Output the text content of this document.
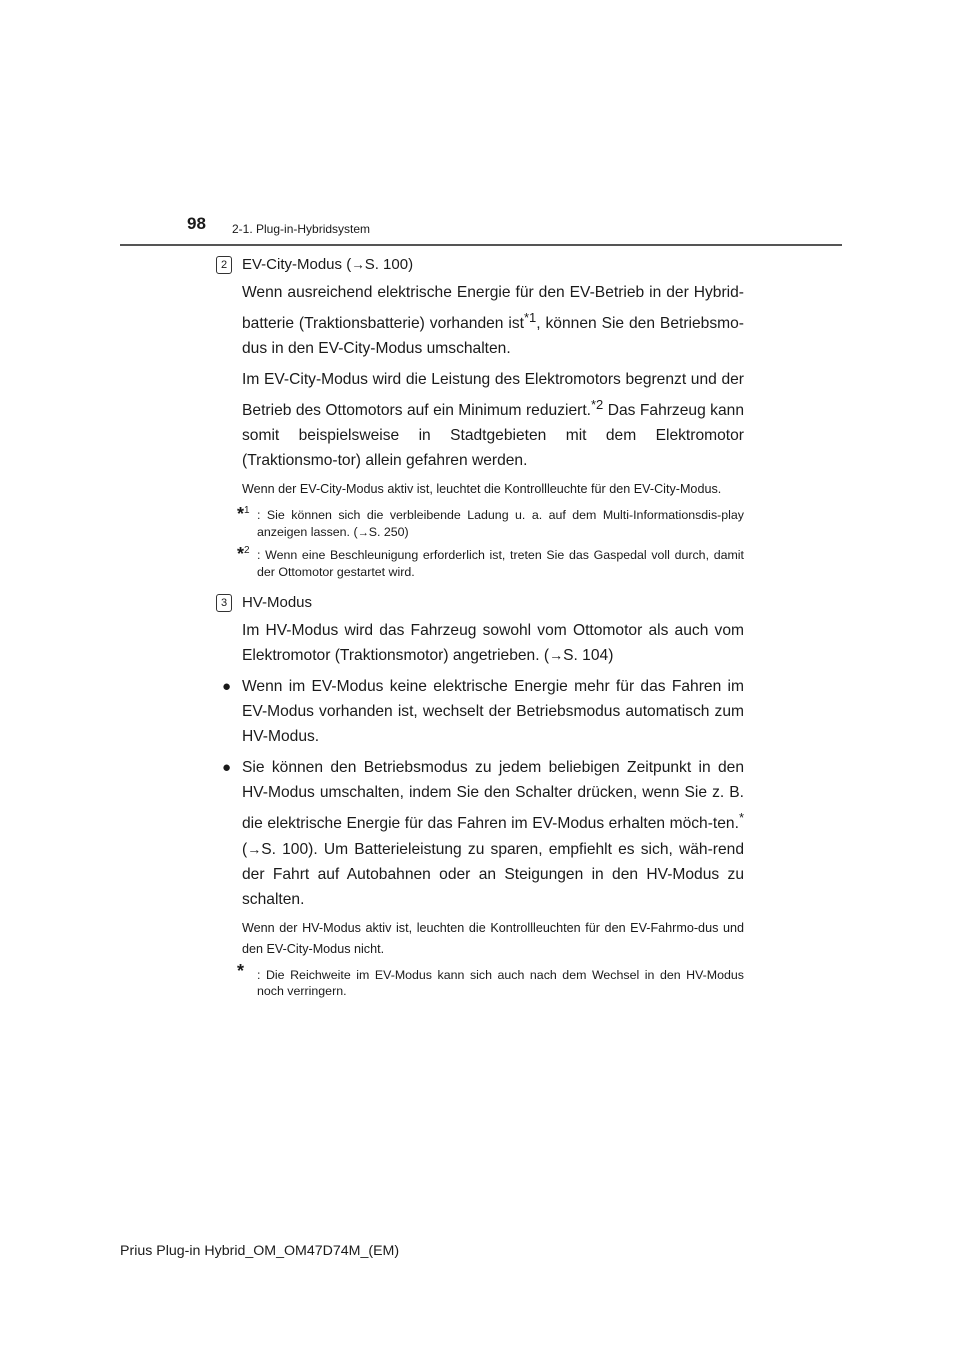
98 2-1. Plug-in-Hybridsystem
2 EV-City-Modus (→S. 100)

Wenn ausreichend elektrische Energie für den EV-Betrieb in der Hybrid-batterie (Traktionsbatterie) vorhanden ist$^{*1}$, können Sie den Betriebsmo-dus in den EV-City-Modus umschalten.

Im EV-City-Modus wird die Leistung des Elektromotors begrenzt und der Betrieb des Ottomotors auf ein Minimum reduziert.$^{*2}$ Das Fahrzeug kann somit beispielsweise in Stadtgebieten mit dem Elektromotor (Traktionsmo-tor) allein gefahren werden.

Wenn der EV-City-Modus aktiv ist, leuchtet die Kontrollleuchte für den EV-City-Modus.

*$^1$ : Sie können sich die verbleibende Ladung u. a. auf dem Multi-Informationsdis-play anzeigen lassen. (→S. 250)

*$^2$ : Wenn eine Beschleunigung erforderlich ist, treten Sie das Gaspedal voll durch, damit der Ottomotor gestartet wird.

3 HV-Modus

Im HV-Modus wird das Fahrzeug sowohl vom Ottomotor als auch vom Elektromotor (Traktionsmotor) angetrieben. (→S. 104)

● Wenn im EV-Modus keine elektrische Energie mehr für das Fahren im EV-Modus vorhanden ist, wechselt der Betriebsmodus automatisch zum HV-Modus.

● Sie können den Betriebsmodus zu jedem beliebigen Zeitpunkt in den HV-Modus umschalten, indem Sie den Schalter drücken, wenn Sie z. B. die elektrische Energie für das Fahren im EV-Modus erhalten möch-ten.* (→S. 100). Um Batterieleistung zu sparen, empfiehlt es sich, wäh-rend der Fahrt auf Autobahnen oder an Steigungen in den HV-Modus zu schalten.

Wenn der HV-Modus aktiv ist, leuchten die Kontrollleuchten für den EV-Fahrmo-dus und den EV-City-Modus nicht.

* : Die Reichweite im EV-Modus kann sich auch nach dem Wechsel in den HV-Modus noch verringern.

Prius Plug-in Hybrid_OM_OM47D74M_(EM)
